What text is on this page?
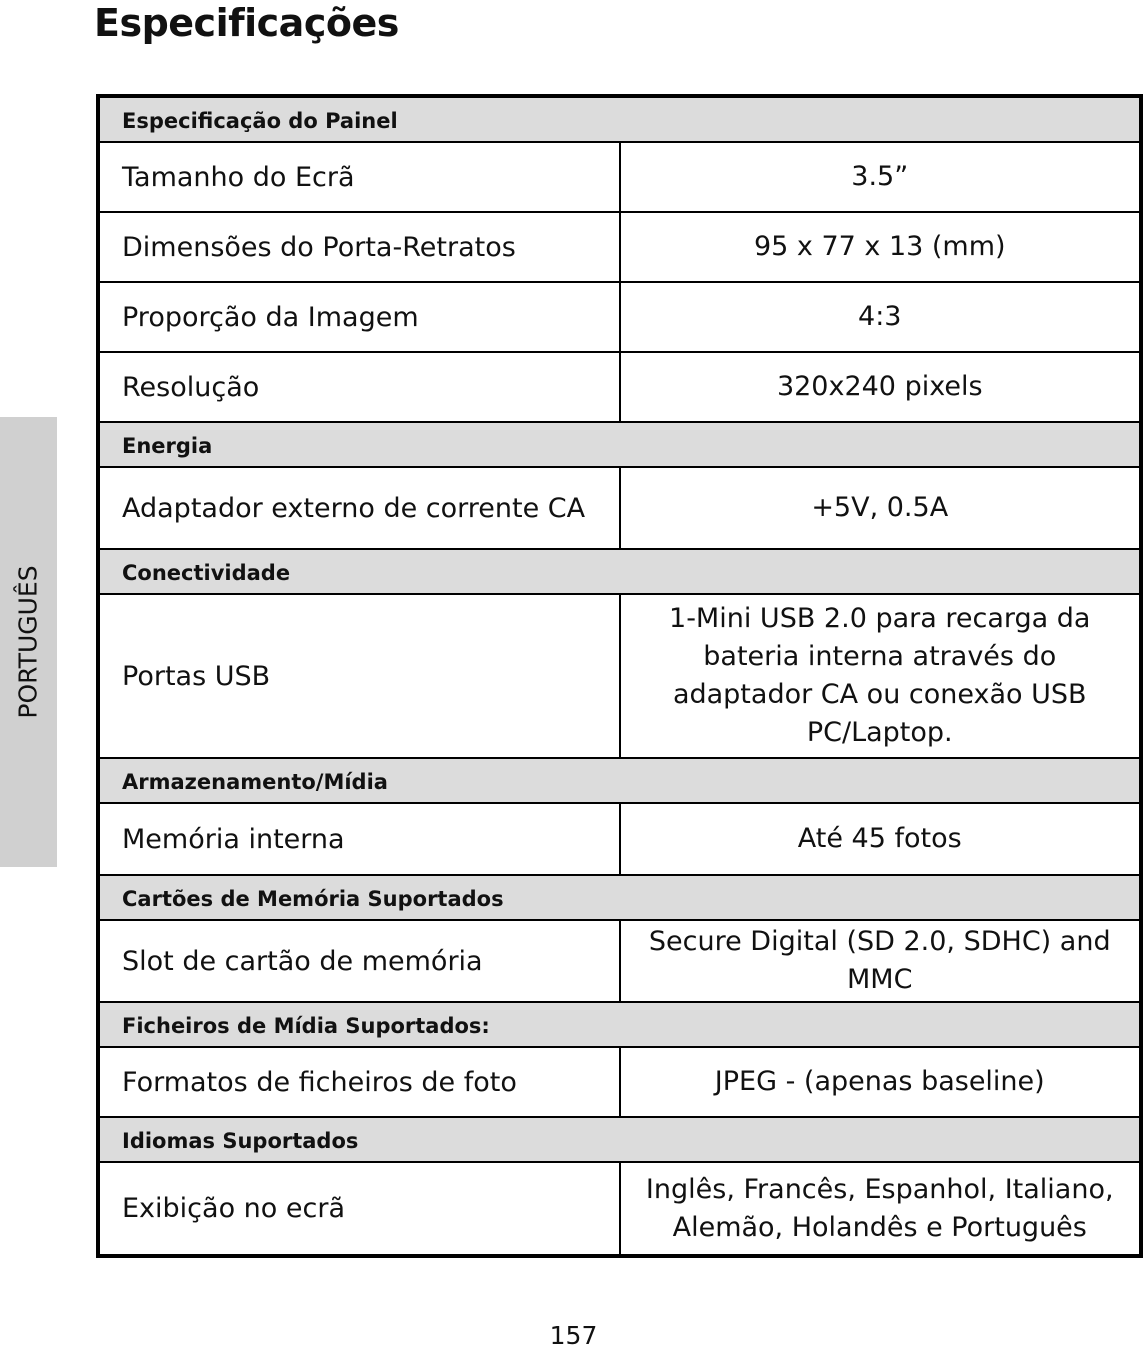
Especificações
PORTUGUÊS
Especificação do Painel	
Tamanho do Ecrã	3.5”
Dimensões do Porta-Retratos	95 x 77 x 13 (mm)
Proporção da Imagem	4:3
Resolução	320x240 pixels
Energia	
Adaptador externo de corrente CA	+5V, 0.5A
Conectividade	
Portas USB	1-Mini USB 2.0 para recarga da bateria interna através do adaptador CA ou conexão USB PC/Laptop.
Armazenamento/Mídia	
Memória interna	Até 45 fotos
Cartões de Memória Suportados	
Slot de cartão de memória	Secure Digital (SD 2.0, SDHC) and MMC
Ficheiros de Mídia Suportados:	
Formatos de ficheiros de foto	JPEG - (apenas baseline)
Idiomas Suportados	
Exibição no ecrã	Inglês, Francês, Espanhol, Italiano, Alemão, Holandês e Português
157
